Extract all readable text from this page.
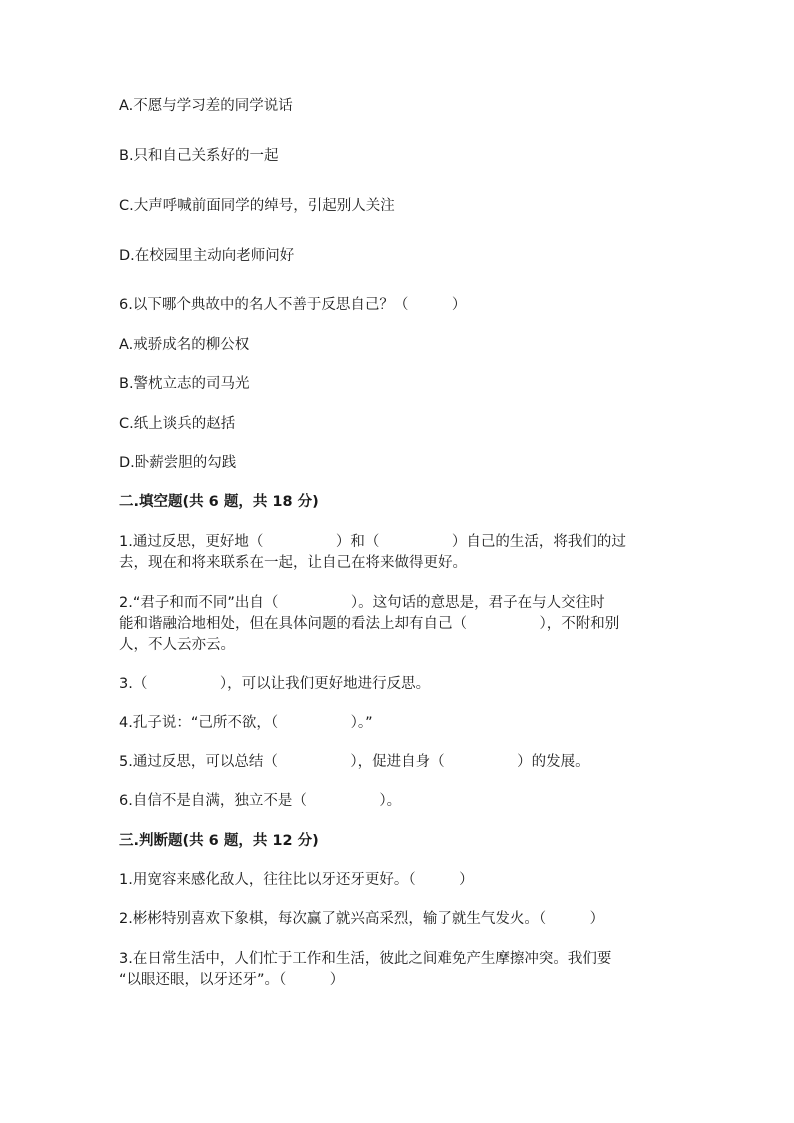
A.不愿与学习差的同学说话
B.只和自己关系好的一起
C.大声呼喊前面同学的绰号，引起别人关注
D.在校园里主动向老师问好
6.以下哪个典故中的名人不善于反思自己？（　　　）
A.戒骄成名的柳公权
B.警枕立志的司马光
C.纸上谈兵的赵括
D.卧薪尝胆的勾践
二.填空题(共 6 题，共 18 分)
1.通过反思，更好地（　　　　　）和（　　　　　）自己的生活，将我们的过
去，现在和将来联系在一起，让自己在将来做得更好。
2.“君子和而不同”出自（　　　　　）。这句话的意思是，君子在与人交往时
能和谐融洽地相处，但在具体问题的看法上却有自己（　　　　　），不附和别
人，不人云亦云。
3.（　　　　　），可以让我们更好地进行反思。
4.孔子说：“己所不欲，（　　　　　）。”
5.通过反思，可以总结（　　　　　），促进自身（　　　　　）的发展。
6.自信不是自满，独立不是（　　　　　）。
三.判断题(共 6 题，共 12 分)
1.用宽容来感化敌人，往往比以牙还牙更好。（　　　）
2.彬彬特别喜欢下象棋，每次赢了就兴高采烈，输了就生气发火。（　　　）
3.在日常生活中，人们忙于工作和生活，彼此之间难免产生摩擦冲突。我们要
“以眼还眼，以牙还牙”。（　　　）
